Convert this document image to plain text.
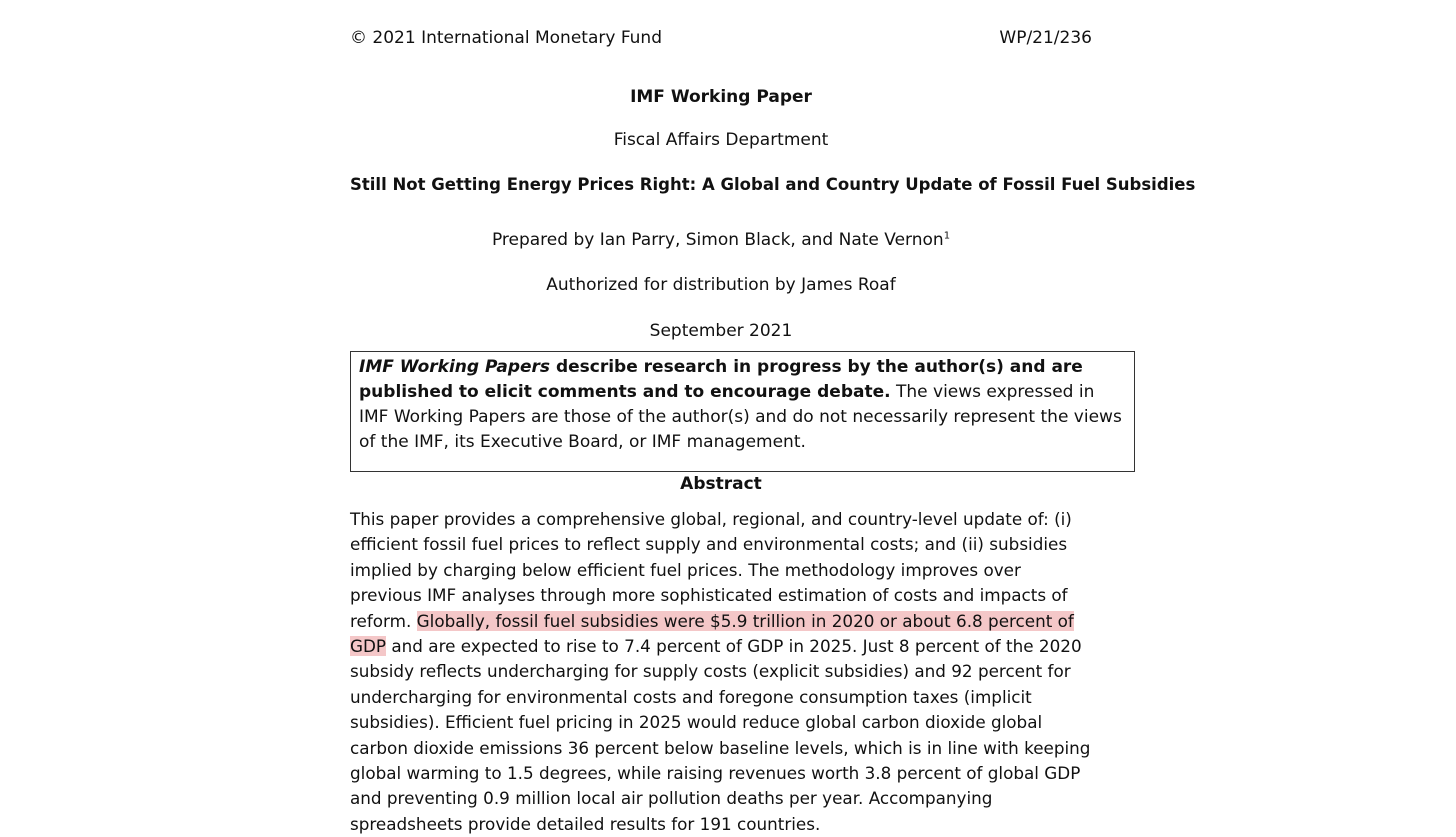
© 2021 International Monetary Fund	WP/21/236
IMF Working Paper
Fiscal Affairs Department
Still Not Getting Energy Prices Right: A Global and Country Update of Fossil Fuel Subsidies
Prepared by Ian Parry, Simon Black, and Nate Vernon$^1$
Authorized for distribution by James Roaf
September 2021
IMF Working Papers describe research in progress by the author(s) and are published to elicit comments and to encourage debate. The views expressed in IMF Working Papers are those of the author(s) and do not necessarily represent the views of the IMF, its Executive Board, or IMF management.
Abstract
This paper provides a comprehensive global, regional, and country-level update of: (i) efficient fossil fuel prices to reflect supply and environmental costs; and (ii) subsidies implied by charging below efficient fuel prices. The methodology improves over previous IMF analyses through more sophisticated estimation of costs and impacts of reform. Globally, fossil fuel subsidies were $5.9 trillion in 2020 or about 6.8 percent of GDP and are expected to rise to 7.4 percent of GDP in 2025. Just 8 percent of the 2020 subsidy reflects undercharging for supply costs (explicit subsidies) and 92 percent for undercharging for environmental costs and foregone consumption taxes (implicit subsidies). Efficient fuel pricing in 2025 would reduce global carbon dioxide global carbon dioxide emissions 36 percent below baseline levels, which is in line with keeping global warming to 1.5 degrees, while raising revenues worth 3.8 percent of global GDP and preventing 0.9 million local air pollution deaths per year. Accompanying spreadsheets provide detailed results for 191 countries.
